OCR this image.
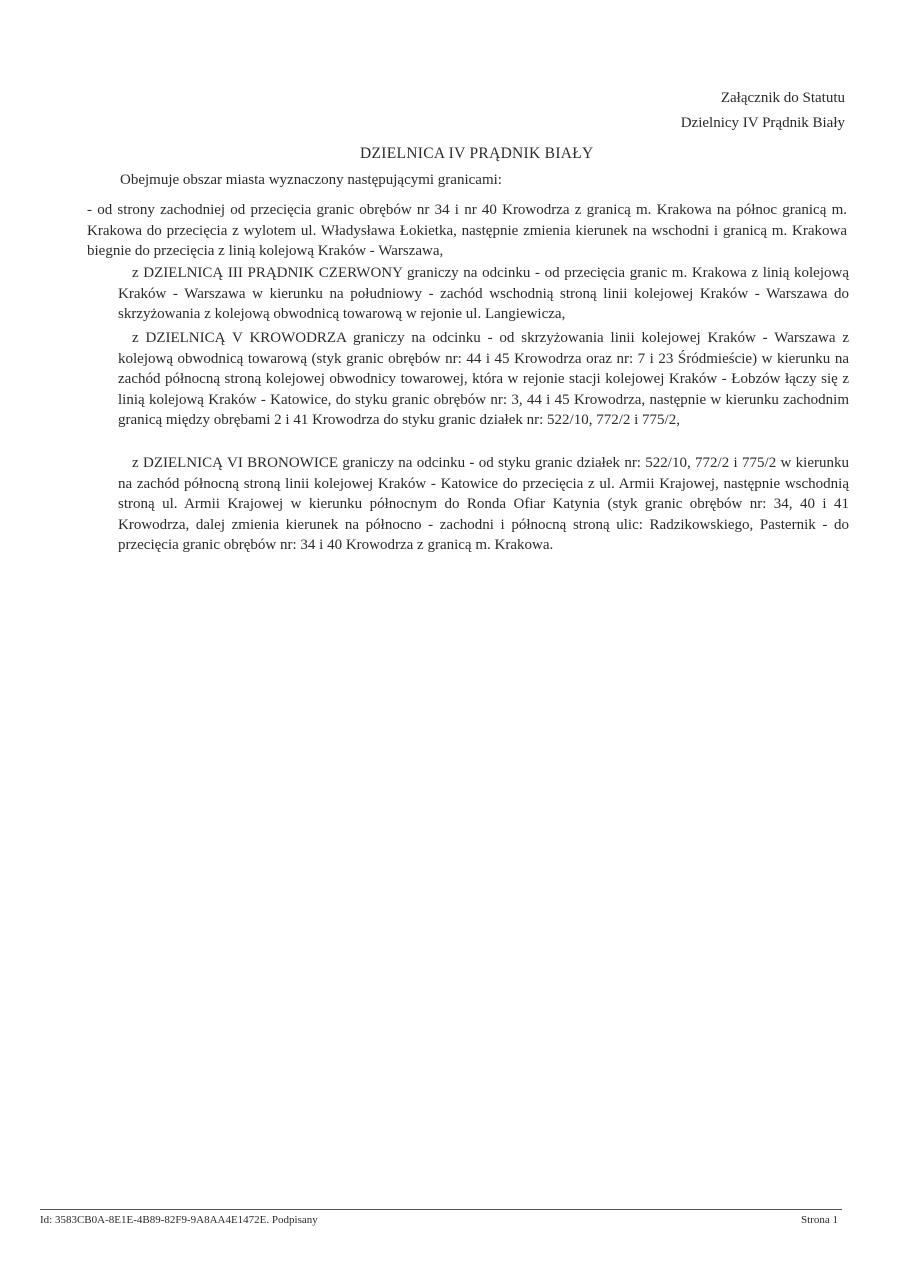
Załącznik do Statutu
Dzielnicy IV Prądnik Biały
DZIELNICA IV PRĄDNIK BIAŁY
Obejmuje obszar miasta wyznaczony następującymi granicami:
- od strony zachodniej od przecięcia granic obrębów nr 34 i nr 40 Krowodrza z granicą m. Krakowa na północ granicą m. Krakowa do przecięcia z wylotem ul. Władysława Łokietka, następnie zmienia kierunek na wschodni i granicą m. Krakowa biegnie do przecięcia z linią kolejową Kraków - Warszawa,
z DZIELNICĄ III PRĄDNIK CZERWONY graniczy na odcinku - od przecięcia granic m. Krakowa z linią kolejową Kraków - Warszawa w kierunku na południowy - zachód wschodnią stroną linii kolejowej Kraków - Warszawa do skrzyżowania z kolejową obwodnicą towarową w rejonie ul. Langiewicza,
z DZIELNICĄ V KROWODRZA graniczy na odcinku - od skrzyżowania linii kolejowej Kraków - Warszawa z kolejową obwodnicą towarową (styk granic obrębów nr: 44 i 45 Krowodrza oraz nr: 7 i 23 Śródmieście) w kierunku na zachód północną stroną kolejowej obwodnicy towarowej, która w rejonie stacji kolejowej Kraków - Łobzów łączy się z linią kolejową Kraków - Katowice, do styku granic obrębów nr: 3, 44 i 45 Krowodrza, następnie w kierunku zachodnim granicą między obrębami 2 i 41 Krowodrza do styku granic działek nr: 522/10, 772/2 i 775/2,
z DZIELNICĄ VI BRONOWICE graniczy na odcinku - od styku granic działek nr: 522/10, 772/2 i 775/2 w kierunku na zachód północną stroną linii kolejowej Kraków - Katowice do przecięcia z ul. Armii Krajowej, następnie wschodnią stroną ul. Armii Krajowej w kierunku północnym do Ronda Ofiar Katynia (styk granic obrębów nr: 34, 40 i 41 Krowodrza, dalej zmienia kierunek na północno - zachodni i północną stroną ulic: Radzikowskiego, Pasternik - do przecięcia granic obrębów nr: 34 i 40 Krowodrza z granicą m. Krakowa.
Id: 3583CB0A-8E1E-4B89-82F9-9A8AA4E1472E. Podpisany	Strona 1
